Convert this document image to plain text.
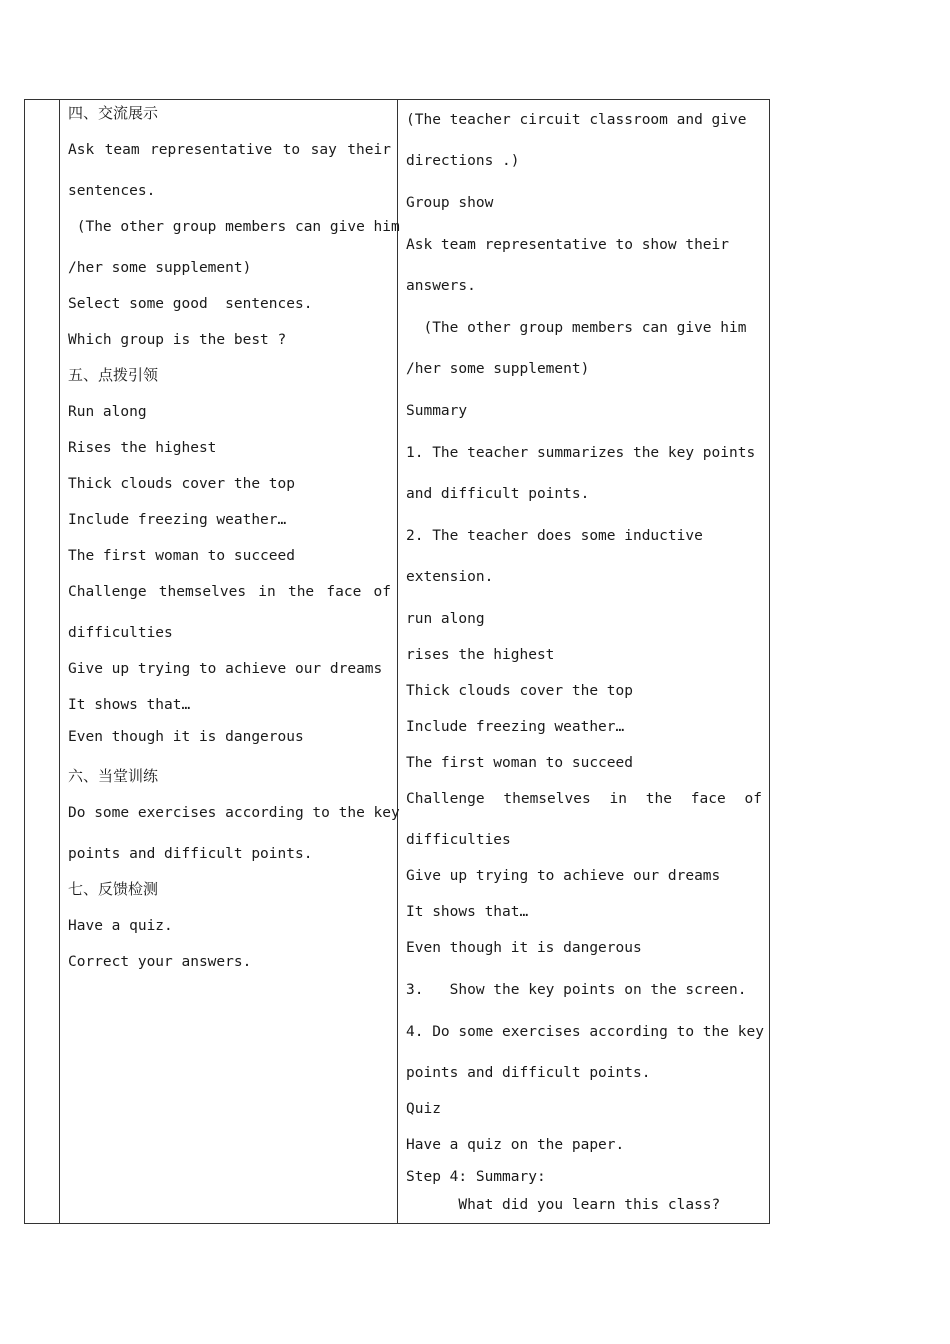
四、交流展示
Ask team representative to say their
sentences.
(The other group members can give him
/her some supplement)
Select some good  sentences.
Which group is the best ?
五、点拨引领
Run along
Rises the highest
Thick clouds cover the top
Include freezing weather…
The first woman to succeed
Challenge themselves in the face of
difficulties
Give up trying to achieve our dreams
It shows that…
Even though it is dangerous
六、当堂训练
Do some exercises according to the key
points and difficult points.
七、反馈检测
Have a quiz.
Correct your answers.
(The teacher circuit classroom and give
directions .)
Group show
Ask team representative to show their
answers.
(The other group members can give him
/her some supplement)
Summary
1. The teacher summarizes the key points
and difficult points.
2. The teacher does some inductive
extension.
run along
rises the highest
Thick clouds cover the top
Include freezing weather…
The first woman to succeed
Challenge themselves in the face of
difficulties
Give up trying to achieve our dreams
It shows that…
Even though it is dangerous
3.   Show the key points on the screen.
4. Do some exercises according to the key
points and difficult points.
Quiz
Have a quiz on the paper.
Step 4: Summary:
What did you learn this class?
